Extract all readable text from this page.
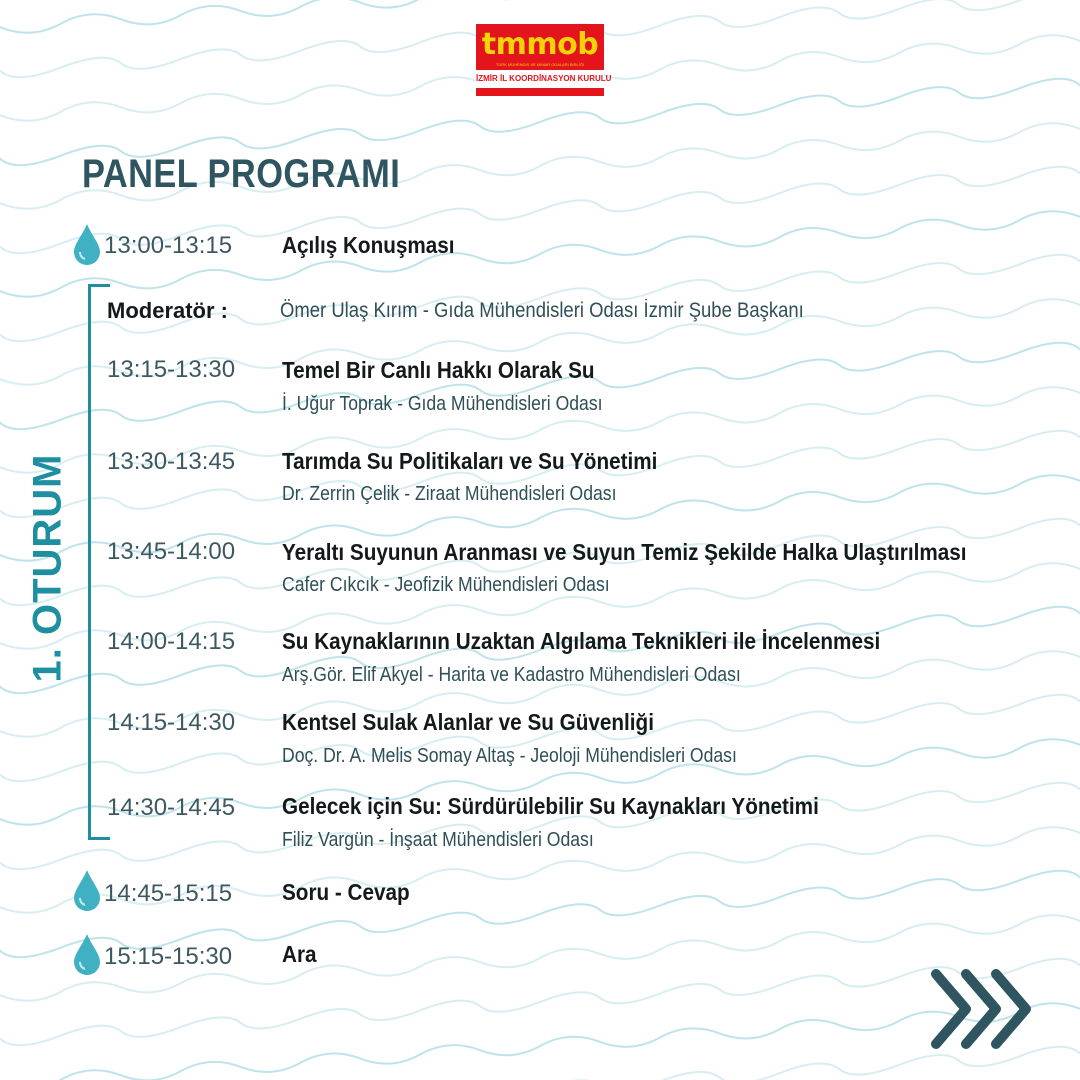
tmmob
TÜRK MÜHENDİS VE MİMAR ODALARI BİRLİĞİ
İZMİR İL KOORDİNASYON KURULU
PANEL PROGRAMI
13:00-13:15 Açılış Konuşması
1. OTURUM
Moderatör : Ömer Ulaş Kırım - Gıda Mühendisleri Odası İzmir Şube Başkanı
13:15-13:30 Temel Bir Canlı Hakkı Olarak Su
İ. Uğur Toprak - Gıda Mühendisleri Odası
13:30-13:45 Tarımda Su Politikaları ve Su Yönetimi
Dr. Zerrin Çelik - Ziraat Mühendisleri Odası
13:45-14:00 Yeraltı Suyunun Aranması ve Suyun Temiz Şekilde Halka Ulaştırılması
Cafer Cıkcık - Jeofizik Mühendisleri Odası
14:00-14:15 Su Kaynaklarının Uzaktan Algılama Teknikleri ile İncelenmesi
Arş.Gör. Elif Akyel - Harita ve Kadastro Mühendisleri Odası
14:15-14:30 Kentsel Sulak Alanlar ve Su Güvenliği
Doç. Dr. A. Melis Somay Altaş - Jeoloji Mühendisleri Odası
14:30-14:45 Gelecek için Su: Sürdürülebilir Su Kaynakları Yönetimi
Filiz Vargün - İnşaat Mühendisleri Odası
14:45-15:15 Soru - Cevap
15:15-15:30 Ara
